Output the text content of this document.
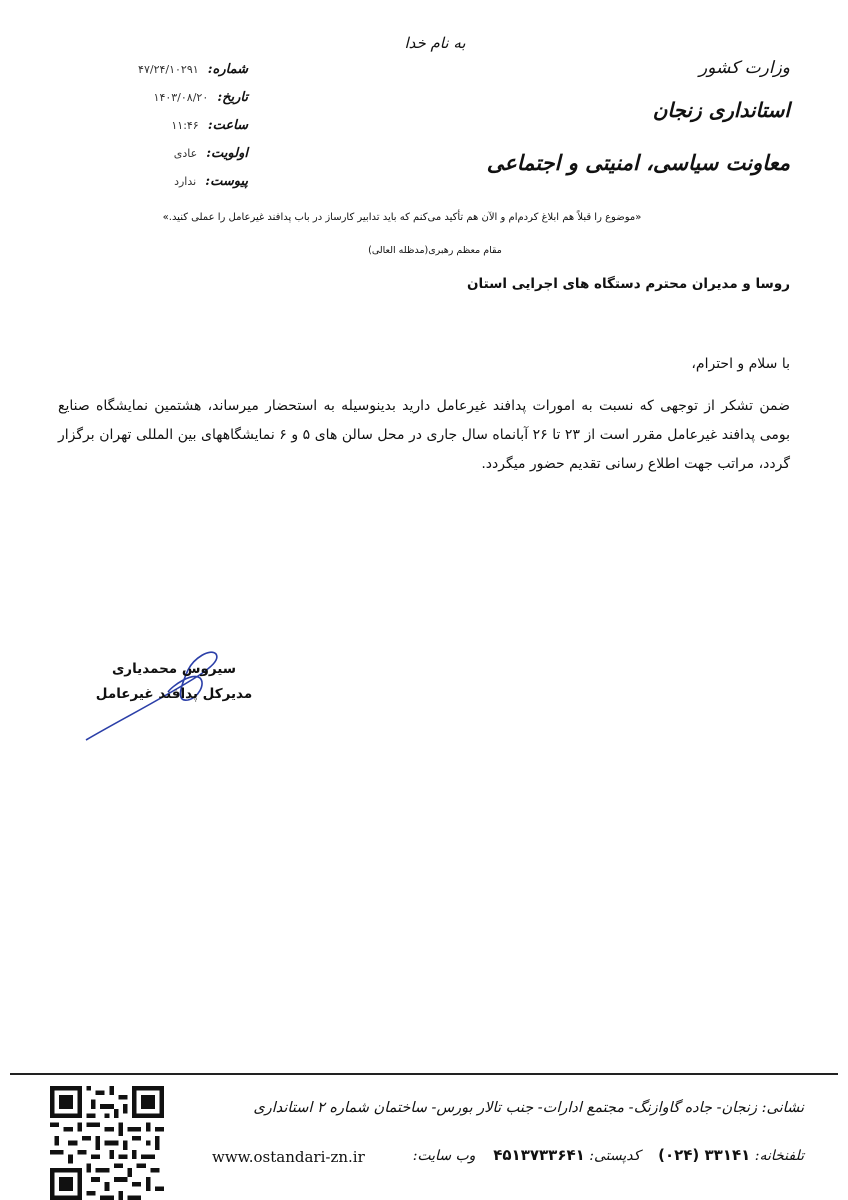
به نام خدا
وزارت کشور
استانداری زنجان
معاونت سیاسی، امنیتی و اجتماعی
شماره: ۴۷/۲۴/۱۰۲۹۱
تاریخ: ۱۴۰۳/۰۸/۲۰
ساعت: ۱۱:۴۶
اولویت: عادی
پیوست: ندارد
«موضوع را قبلاً هم ابلاغ کردم‌ام و الآن هم تأکید می‌کنم که باید تدابیر کارساز در باب پدافند غیرعامل را عملی کنید.»
مقام معظم رهبری(مدظله العالی)
روسا و مدیران محترم دستگاه های اجرایی استان
با سلام و احترام،
ضمن تشکر از توجهی که نسبت به امورات پدافند غیرعامل دارید بدینوسیله به استحضار میرساند، هشتمین نمایشگاه صنایع بومی پدافند غیرعامل مقرر است از ۲۳ تا ۲۶ آبانماه سال جاری در محل سالن های ۵ و ۶ نمایشگاههای بین المللی تهران برگزار گردد، مراتب جهت اطلاع رسانی تقدیم حضور میگردد.
سیروس محمدیاری
مدیرکل پدافند غیرعامل
نشانی: زنجان- جاده گاوازنگ- مجتمع ادارات- جنب تالار بورس- ساختمان شماره ۲ استانداری
تلفنخانه: ۳۳۱۴۱ (۰۲۴)    کدپستی: ۴۵۱۳۷۳۳۶۴۱    وب سایت:
www.ostandari-zn.ir
